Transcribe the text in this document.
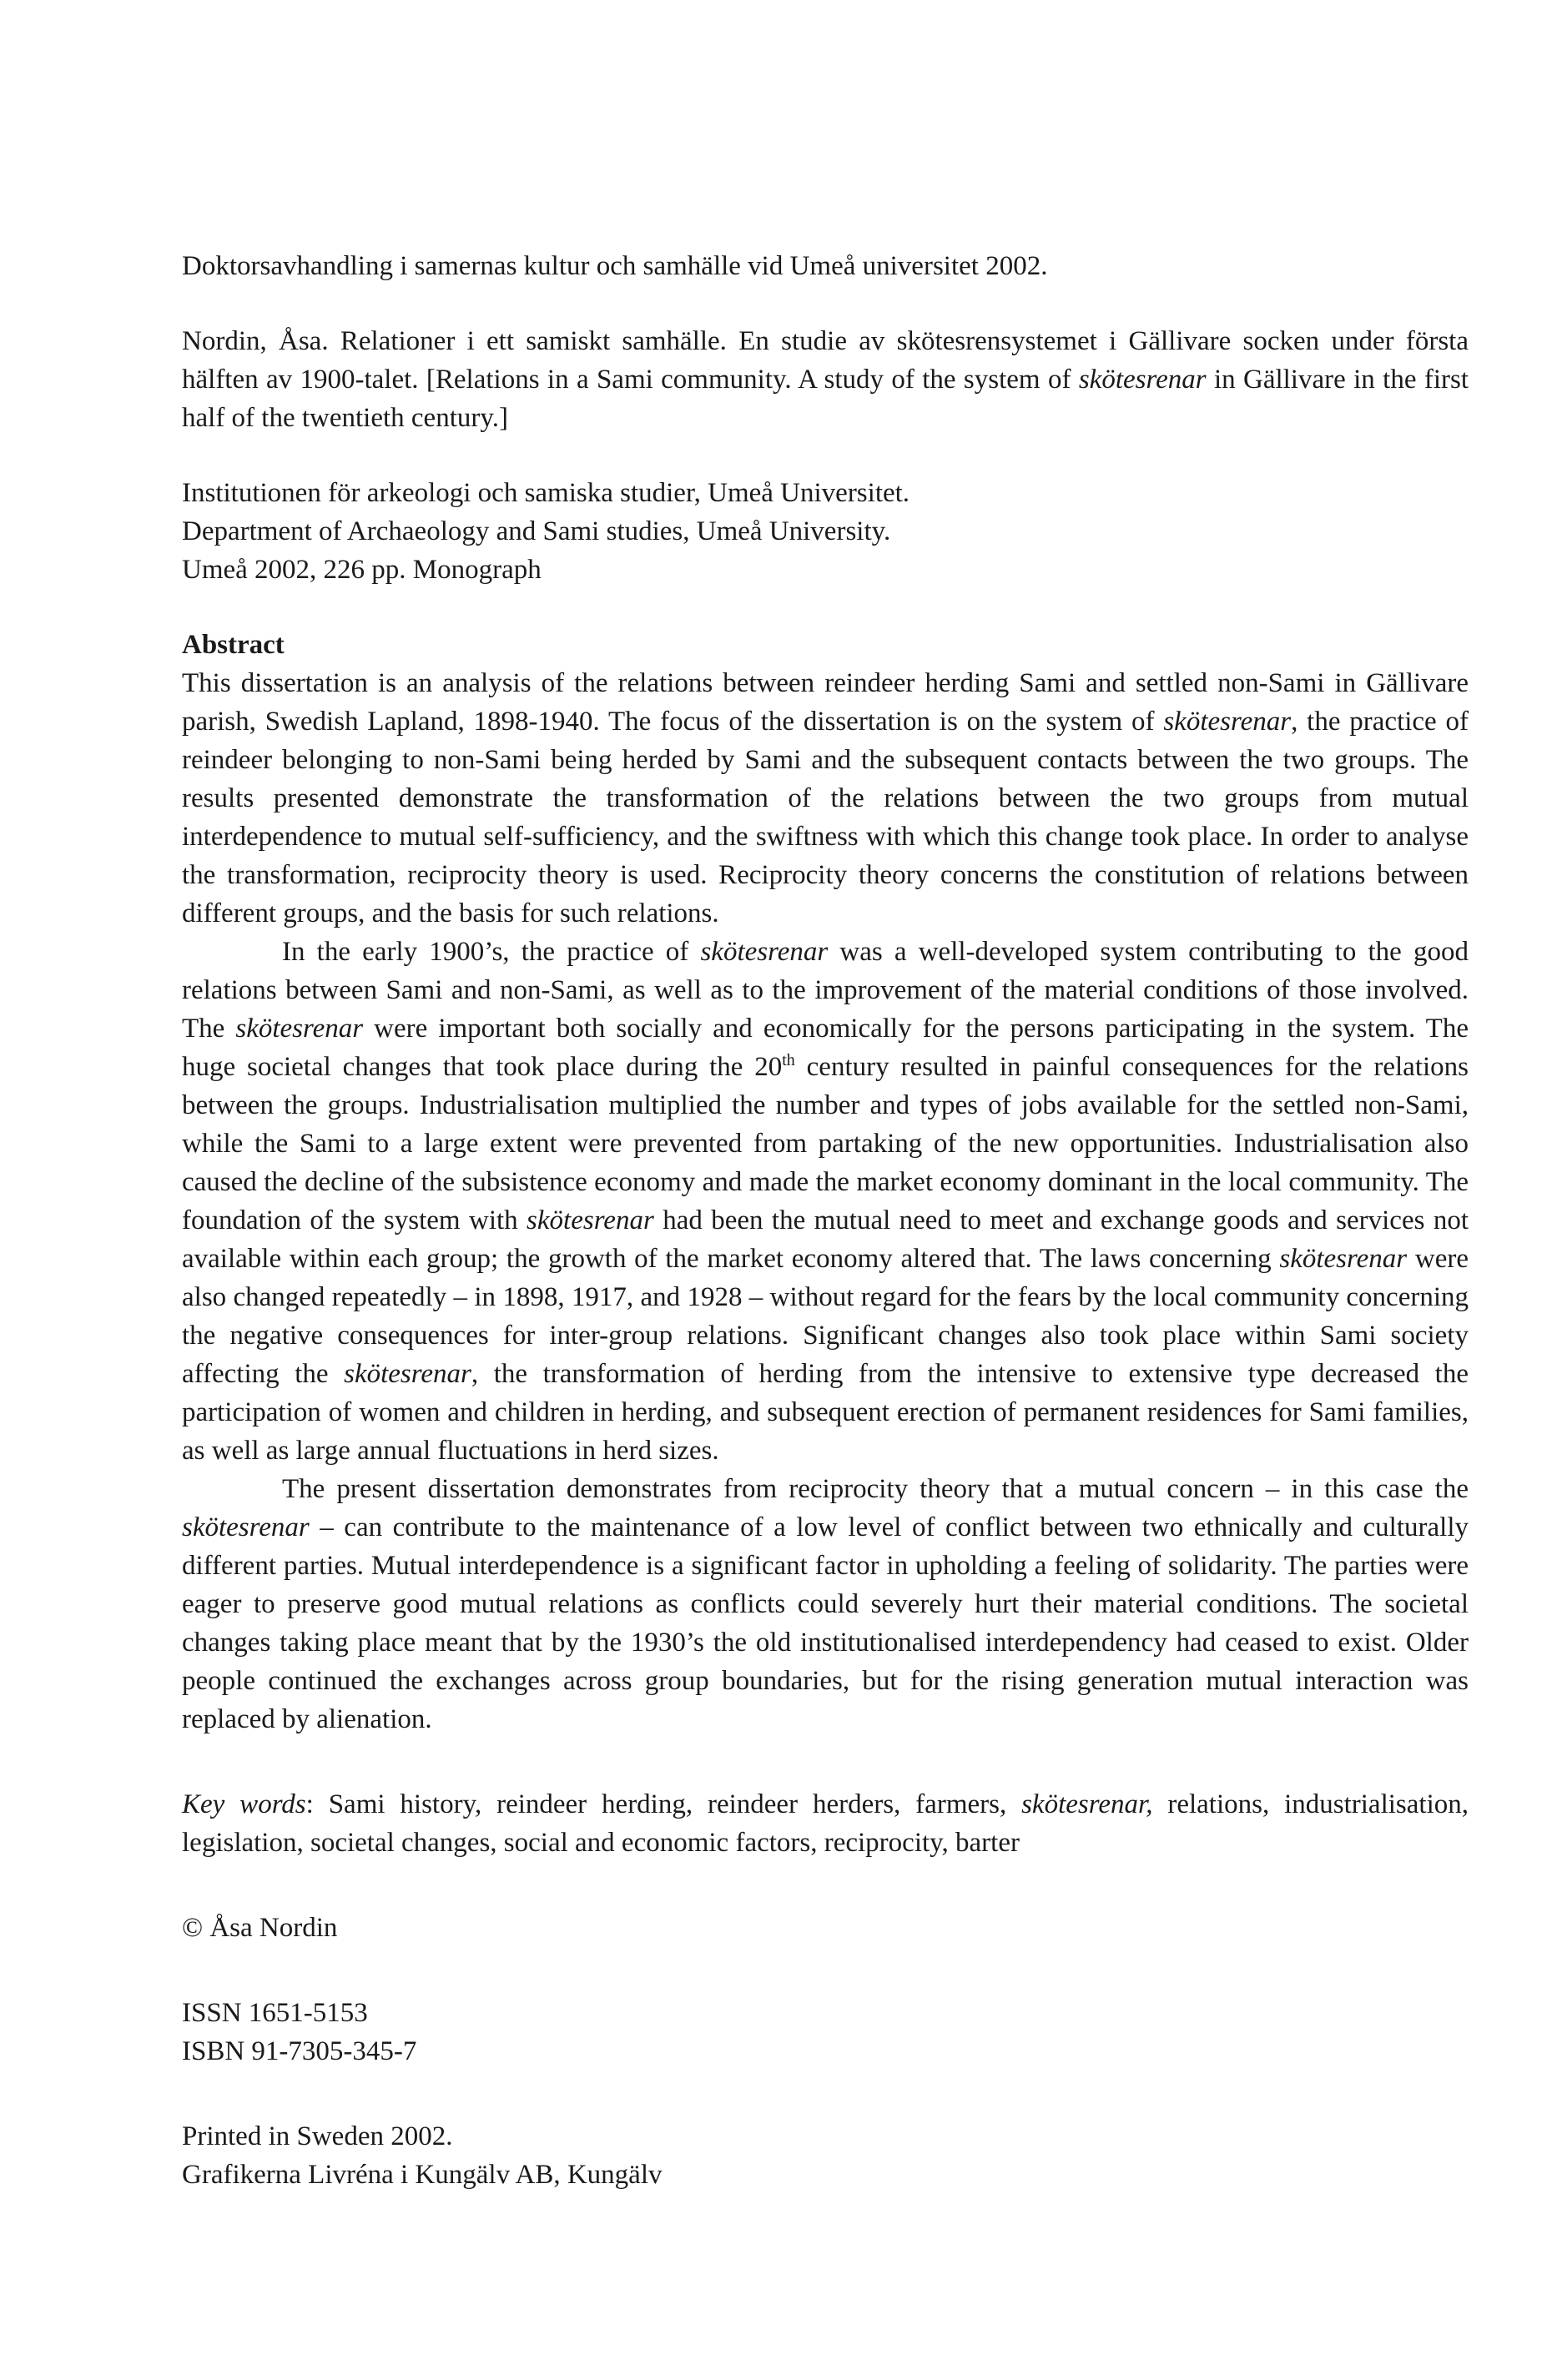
Doktorsavhandling i samernas kultur och samhälle vid Umeå universitet 2002.

Nordin, Åsa. Relationer i ett samiskt samhälle. En studie av skötesrensystemet i Gällivare socken under första hälften av 1900-talet. [Relations in a Sami community. A study of the system of skötesrenar in Gällivare in the first half of the twentieth century.]

Institutionen för arkeologi och samiska studier, Umeå Universitet.

Department of Archaeology and Sami studies, Umeå University.

Umeå 2002, 226 pp. Monograph

Abstract

This dissertation is an analysis of the relations between reindeer herding Sami and settled non-Sami in Gällivare parish, Swedish Lapland, 1898-1940. The focus of the dissertation is on the system of skötesrenar, the practice of reindeer belonging to non-Sami being herded by Sami and the subsequent contacts between the two groups. The results presented demonstrate the transformation of the relations between the two groups from mutual interdependence to mutual self-sufficiency, and the swiftness with which this change took place. In order to analyse the transformation, reciprocity theory is used. Reciprocity theory concerns the constitution of relations between different groups, and the basis for such relations.

In the early 1900’s, the practice of skötesrenar was a well-developed system contributing to the good relations between Sami and non-Sami, as well as to the improvement of the material conditions of those involved. The skötesrenar were important both socially and economically for the persons participating in the system. The huge societal changes that took place during the 20th century resulted in painful consequences for the relations between the groups. Industrialisation multiplied the number and types of jobs available for the settled non-Sami, while the Sami to a large extent were prevented from partaking of the new opportunities. Industrialisation also caused the decline of the subsistence economy and made the market economy dominant in the local community. The foundation of the system with skötesrenar had been the mutual need to meet and exchange goods and services not available within each group; the growth of the market economy altered that. The laws concerning skötesrenar were also changed repeatedly – in 1898, 1917, and 1928 – without regard for the fears by the local community concerning the negative consequences for inter-group relations. Significant changes also took place within Sami society affecting the skötesrenar, the transformation of herding from the intensive to extensive type decreased the participation of women and children in herding, and subsequent erection of permanent residences for Sami families, as well as large annual fluctuations in herd sizes.

The present dissertation demonstrates from reciprocity theory that a mutual concern – in this case the skötesrenar – can contribute to the maintenance of a low level of conflict between two ethnically and culturally different parties. Mutual interdependence is a significant factor in upholding a feeling of solidarity. The parties were eager to preserve good mutual relations as conflicts could severely hurt their material conditions. The societal changes taking place meant that by the 1930’s the old institutionalised interdependency had ceased to exist. Older people continued the exchanges across group boundaries, but for the rising generation mutual interaction was replaced by alienation.

Key words: Sami history, reindeer herding, reindeer herders, farmers, skötesrenar, relations, industrialisation, legislation, societal changes, social and economic factors, reciprocity, barter

© Åsa Nordin

ISSN 1651-5153

ISBN 91-7305-345-7

Printed in Sweden 2002.

Grafikerna Livréna i Kungälv AB, Kungälv
